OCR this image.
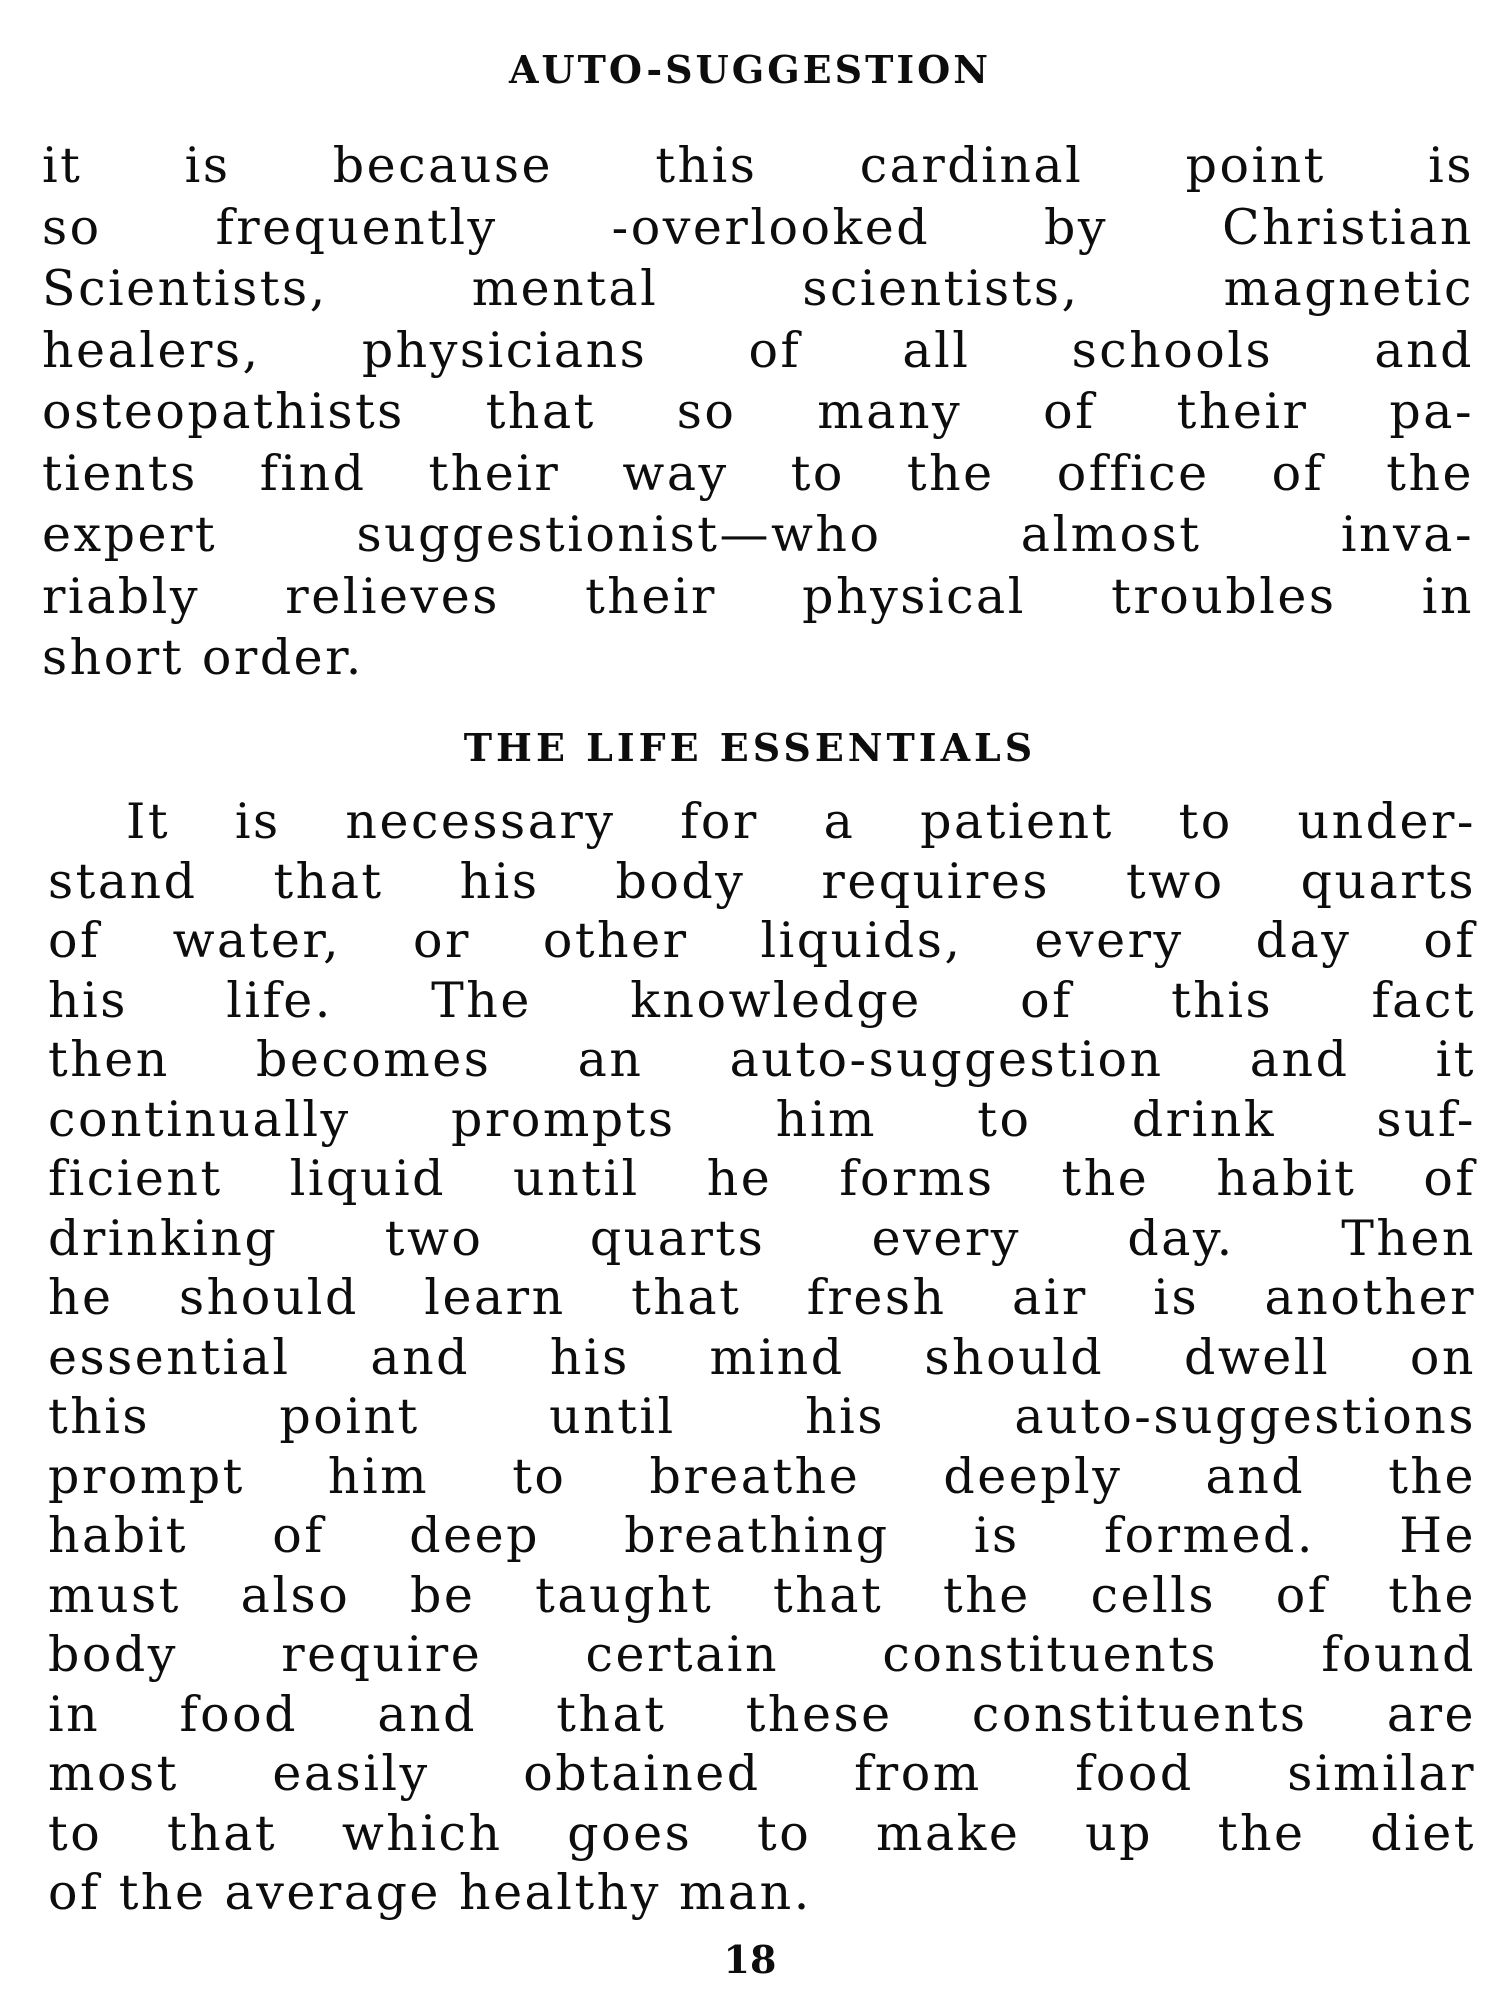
AUTO-SUGGESTION
it is because this cardinal point is
so frequently -overlooked by Christian
Scientists, mental scientists, magnetic
healers, physicians of all schools and
osteopathists that so many of their pa-
tients find their way to the office of the
expert suggestionist—who almost inva-
riably relieves their physical troubles in
short order.
THE LIFE ESSENTIALS
It is necessary for a patient to under-
stand that his body requires two quarts
of water, or other liquids, every day of
his life. The knowledge of this fact
then becomes an auto-suggestion and it
continually prompts him to drink suf-
ficient liquid until he forms the habit of
drinking two quarts every day. Then
he should learn that fresh air is another
essential and his mind should dwell on
this point until his auto-suggestions
prompt him to breathe deeply and the
habit of deep breathing is formed. He
must also be taught that the cells of the
body require certain constituents found
in food and that these constituents are
most easily obtained from food similar
to that which goes to make up the diet
of the average healthy man.
18
